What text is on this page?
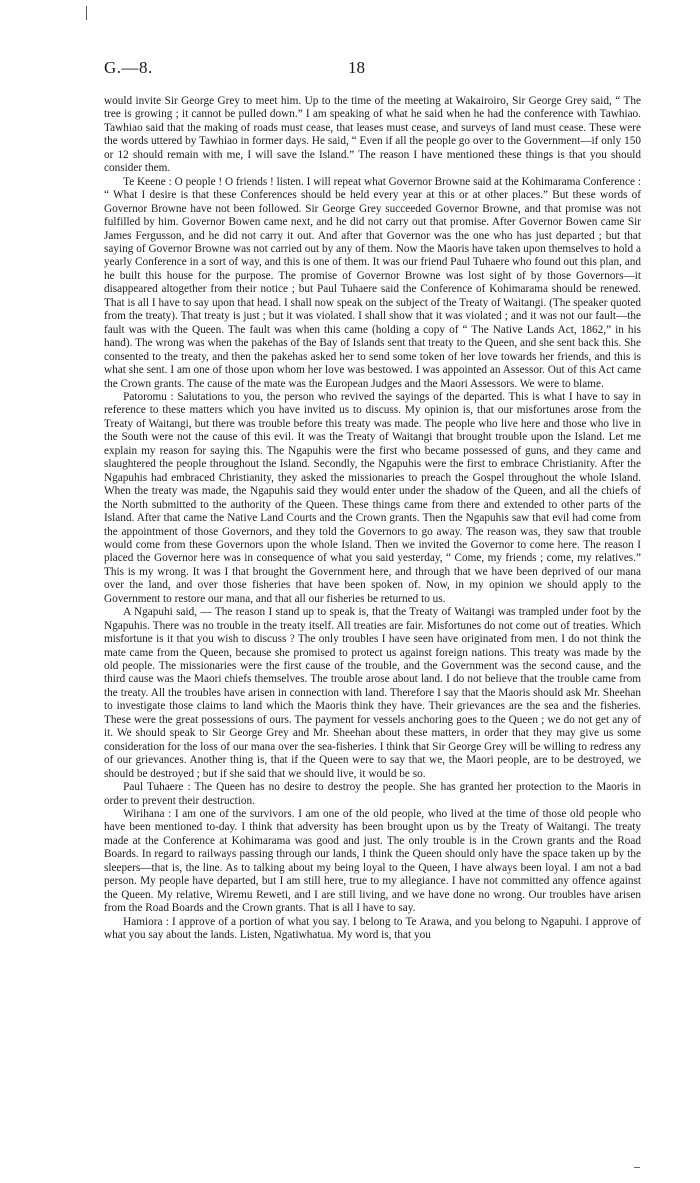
G.—8.	18

would invite Sir George Grey to meet him. Up to the time of the meeting at Wakairoiro, Sir George Grey said, “ The tree is growing ; it cannot be pulled down.” I am speaking of what he said when he had the conference with Tawhiao. Tawhiao said that the making of roads must cease, that leases must cease, and surveys of land must cease. These were the words uttered by Tawhiao in former days. He said, “ Even if all the people go over to the Government—if only 150 or 12 should remain with me, I will save the Island.” The reason I have mentioned these things is that you should consider them.

Te Keene : O people ! O friends ! listen. I will repeat what Governor Browne said at the Kohimarama Conference : “ What I desire is that these Conferences should be held every year at this or at other places.” But these words of Governor Browne have not been followed. Sir George Grey succeeded Governor Browne, and that promise was not fulfilled by him. Governor Bowen came next, and he did not carry out that promise. After Governor Bowen came Sir James Fergusson, and he did not carry it out. And after that Governor was the one who has just departed ; but that saying of Governor Browne was not carried out by any of them. Now the Maoris have taken upon themselves to hold a yearly Conference in a sort of way, and this is one of them. It was our friend Paul Tuhaere who found out this plan, and he built this house for the purpose. The promise of Governor Browne was lost sight of by those Governors—it disappeared altogether from their notice ; but Paul Tuhaere said the Conference of Kohimarama should be renewed. That is all I have to say upon that head. I shall now speak on the subject of the Treaty of Waitangi. (The speaker quoted from the treaty). That treaty is just ; but it was violated. I shall show that it was violated ; and it was not our fault—the fault was with the Queen. The fault was when this came (holding a copy of “ The Native Lands Act, 1862,” in his hand). The wrong was when the pakehas of the Bay of Islands sent that treaty to the Queen, and she sent back this. She consented to the treaty, and then the pakehas asked her to send some token of her love towards her friends, and this is what she sent. I am one of those upon whom her love was bestowed. I was appointed an Assessor. Out of this Act came the Crown grants. The cause of the mate was the European Judges and the Maori Assessors. We were to blame.

Patoromu : Salutations to you, the person who revived the sayings of the departed. This is what I have to say in reference to these matters which you have invited us to discuss. My opinion is, that our misfortunes arose from the Treaty of Waitangi, but there was trouble before this treaty was made. The people who live here and those who live in the South were not the cause of this evil. It was the Treaty of Waitangi that brought trouble upon the Island. Let me explain my reason for saying this. The Ngapuhis were the first who became possessed of guns, and they came and slaughtered the people throughout the Island. Secondly, the Ngapuhis were the first to embrace Christianity. After the Ngapuhis had embraced Christianity, they asked the missionaries to preach the Gospel throughout the whole Island. When the treaty was made, the Ngapuhis said they would enter under the shadow of the Queen, and all the chiefs of the North submitted to the authority of the Queen. These things came from there and extended to other parts of the Island. After that came the Native Land Courts and the Crown grants. Then the Ngapuhis saw that evil had come from the appointment of those Governors, and they told the Governors to go away. The reason was, they saw that trouble would come from these Governors upon the whole Island. Then we invited the Governor to come here. The reason I placed the Governor here was in consequence of what you said yesterday, “ Come, my friends ; come, my relatives.” This is my wrong. It was I that brought the Government here, and through that we have been deprived of our mana over the land, and over those fisheries that have been spoken of. Now, in my opinion we should apply to the Government to restore our mana, and that all our fisheries be returned to us.

A Ngapuhi said, — The reason I stand up to speak is, that the Treaty of Waitangi was trampled under foot by the Ngapuhis. There was no trouble in the treaty itself. All treaties are fair. Misfortunes do not come out of treaties. Which misfortune is it that you wish to discuss ? The only troubles I have seen have originated from men. I do not think the mate came from the Queen, because she promised to protect us against foreign nations. This treaty was made by the old people. The missionaries were the first cause of the trouble, and the Government was the second cause, and the third cause was the Maori chiefs themselves. The trouble arose about land. I do not believe that the trouble came from the treaty. All the troubles have arisen in connection with land. Therefore I say that the Maoris should ask Mr. Sheehan to investigate those claims to land which the Maoris think they have. Their grievances are the sea and the fisheries. These were the great possessions of ours. The payment for vessels anchoring goes to the Queen ; we do not get any of it. We should speak to Sir George Grey and Mr. Sheehan about these matters, in order that they may give us some consideration for the loss of our mana over the sea-fisheries. I think that Sir George Grey will be willing to redress any of our grievances. Another thing is, that if the Queen were to say that we, the Maori people, are to be destroyed, we should be destroyed ; but if she said that we should live, it would be so.

Paul Tuhaere : The Queen has no desire to destroy the people. She has granted her protection to the Maoris in order to prevent their destruction.

Wirihana : I am one of the survivors. I am one of the old people, who lived at the time of those old people who have been mentioned to-day. I think that adversity has been brought upon us by the Treaty of Waitangi. The treaty made at the Conference at Kohimarama was good and just. The only trouble is in the Crown grants and the Road Boards. In regard to railways passing through our lands, I think the Queen should only have the space taken up by the sleepers—that is, the line. As to talking about my being loyal to the Queen, I have always been loyal. I am not a bad person. My people have departed, but I am still here, true to my allegiance. I have not committed any offence against the Queen. My relative, Wiremu Reweti, and I are still living, and we have done no wrong. Our troubles have arisen from the Road Boards and the Crown grants. That is all I have to say.

Hamiora : I approve of a portion of what you say. I belong to Te Arawa, and you belong to Ngapuhi. I approve of what you say about the lands. Listen, Ngatiwhatua. My word is, that you
